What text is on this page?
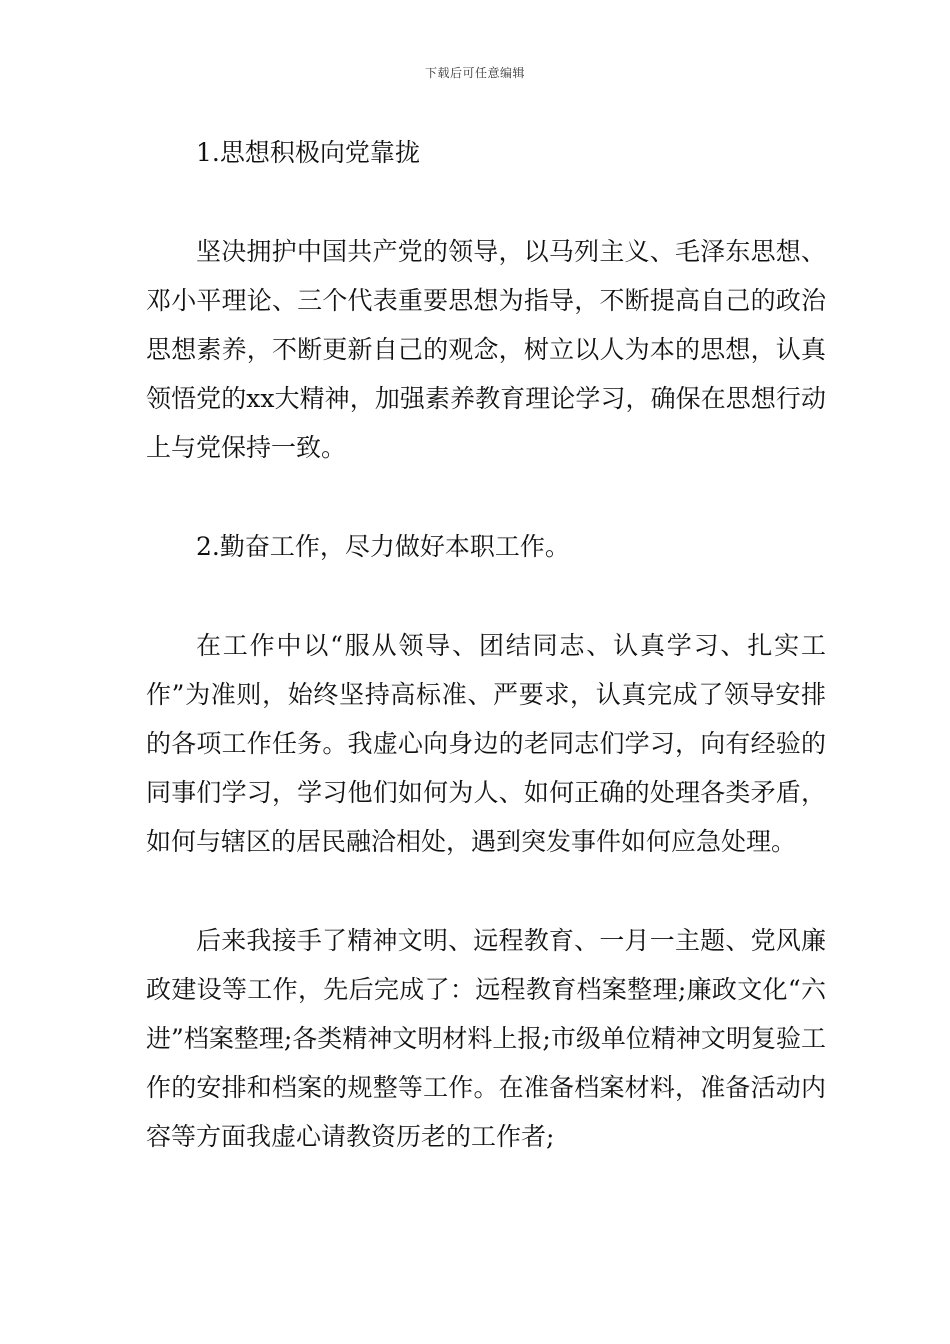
下载后可任意编辑

1.思想积极向党靠拢

坚决拥护中国共产党的领导，以马列主义、毛泽东思想、邓小平理论、三个代表重要思想为指导，不断提高自己的政治思想素养，不断更新自己的观念，树立以人为本的思想，认真领悟党的xx大精神，加强素养教育理论学习，确保在思想行动上与党保持一致。

2.勤奋工作，尽力做好本职工作。

在工作中以“服从领导、团结同志、认真学习、扎实工作”为准则，始终坚持高标准、严要求，认真完成了领导安排的各项工作任务。我虚心向身边的老同志们学习，向有经验的同事们学习，学习他们如何为人、如何正确的处理各类矛盾，如何与辖区的居民融洽相处，遇到突发事件如何应急处理。

后来我接手了精神文明、远程教育、一月一主题、党风廉政建设等工作，先后完成了：远程教育档案整理;廉政文化“六进”档案整理;各类精神文明材料上报;市级单位精神文明复验工作的安排和档案的规整等工作。在准备档案材料，准备活动内容等方面我虚心请教资历老的工作者;
